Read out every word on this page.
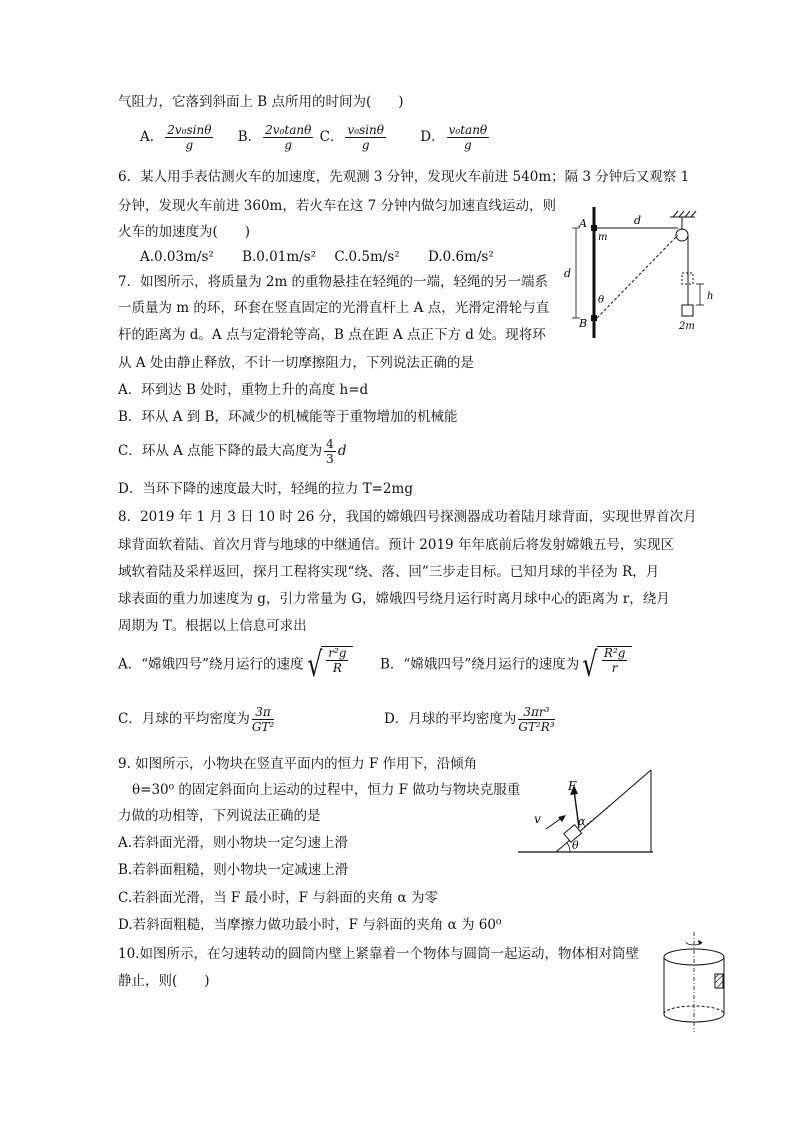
气阻力，它落到斜面上 B 点所用的时间为(　　)
A． $\frac{\text{2v₀sinθ}}{g}$ B． $\frac{\text{2v₀tanθ}}{g}$ C． $\frac{\text{v₀sinθ}}{g}$	D． $\frac{\text{v₀tanθ}}{g}$
6．某人用手表估测火车的加速度，先观测 3 分钟，发现火车前进 540m；隔 3 分钟后又观察 1
分钟，发现火车前进 360m，若火车在这 7 分钟内做匀加速直线运动，则
火车的加速度为(　　)
A.0.03m/s² B.0.01m/s² C.0.5m/s² D.0.6m/s²
A
B
m
d
d
θ	h
2m
7．如图所示，将质量为 2m 的重物悬挂在轻绳的一端，轻绳的另一端系
一质量为 m 的环，环套在竖直固定的光滑直杆上 A 点，光滑定滑轮与直
杆的距离为 d。A 点与定滑轮等高，B 点在距 A 点正下方 d 处。现将环
从 A 处由静止释放，不计一切摩擦阻力，下列说法正确的是
A．环到达 B 处时，重物上升的高度 h=d
B．环从 A 到 B，环减少的机械能等于重物增加的机械能
C．环从 A 点能下降的最大高度为 $\frac{4}{3}$ d
D．当环下降的速度最大时，轻绳的拉力 T=2mg
8．2019 年 1 月 3 日 10 时 26 分，我国的嫦娥四号探测器成功着陆月球背面，实现世界首次月
球背面软着陆、首次月背与地球的中继通信。预计 2019 年年底前后将发射嫦娥五号，实现区
域软着陆及采样返回，探月工程将实现“绕、落、回”三步走目标。已知月球的半径为 R，月
球表面的重力加速度为 g，引力常量为 G，嫦娥四号绕月运行时离月球中心的距离为 r，绕月
周期为 T。根据以上信息可求出
A．“嫦娥四号”绕月运行的速度 √ $\frac{\text{r²g}}{R}$ B．“嫦娥四号”绕月运行的速度为 √ $\frac{\text{R²g}}{r}$
C．月球的平均密度为 $\frac{3\pi}{\text{GT²}}$	D．月球的平均密度为 $\frac{\text{3πr³}}{\text{GT²R³}}$
9. 如图所示，小物块在竖直平面内的恒力 F 作用下，沿倾角
θ=30⁰ 的固定斜面向上运动的过程中，恒力 F 做功与物块克服重
力做的功相等，下列说法正确的是
A.若斜面光滑，则小物块一定匀速上滑
B.若斜面粗糙，则小物块一定减速上滑
C.若斜面光滑，当 F 最小时，F 与斜面的夹角 α 为零
D.若斜面粗糙，当摩擦力做功最小时，F 与斜面的夹角 α 为 60⁰
F
v	α
θ
10.如图所示，在匀速转动的圆筒内壁上紧靠着一个物体与圆筒一起运动，物体相对筒壁
静止，则(　　)
